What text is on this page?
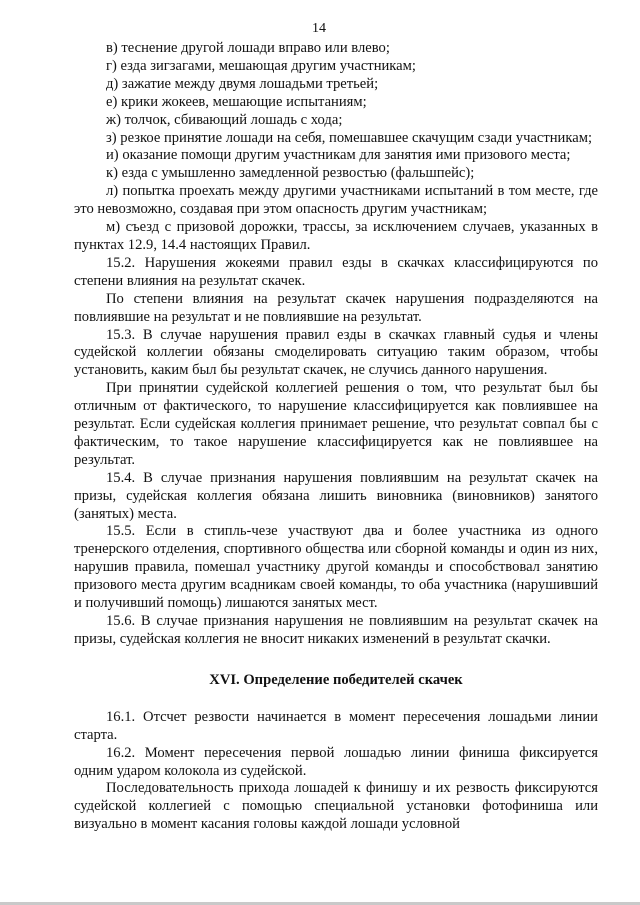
14

в) теснение другой лошади вправо или влево;

г) езда зигзагами, мешающая другим участникам;

д) зажатие между двумя лошадьми третьей;

е) крики жокеев, мешающие испытаниям;

ж) толчок, сбивающий лошадь с хода;

з) резкое принятие лошади на себя, помешавшее скачущим сзади участникам;

и) оказание помощи другим участникам для занятия ими призового места;

к) езда с умышленно замедленной резвостью (фальшпейс);

л) попытка проехать между другими участниками испытаний в том месте, где это невозможно, создавая при этом опасность другим участникам;

м) съезд с призовой дорожки, трассы, за исключением случаев, указанных в пунктах 12.9, 14.4 настоящих Правил.

15.2. Нарушения жокеями правил езды в скачках классифицируются по степени влияния на результат скачек.

По степени влияния на результат скачек нарушения подразделяются на повлиявшие на результат и не повлиявшие на результат.

15.3. В случае нарушения правил езды в скачках главный судья и члены судейской коллегии обязаны смоделировать ситуацию таким образом, чтобы установить, каким был бы результат скачек, не случись данного нарушения.

При принятии судейской коллегией решения о том, что результат был бы отличным от фактического, то нарушение классифицируется как повлиявшее на результат. Если судейская коллегия принимает решение, что результат совпал бы с фактическим, то такое нарушение классифицируется как не повлиявшее на результат.

15.4. В случае признания нарушения повлиявшим на результат скачек на призы, судейская коллегия обязана лишить виновника (виновников) занятого (занятых) места.

15.5. Если в стипль-чезе участвуют два и более участника из одного тренерского отделения, спортивного общества или сборной команды и один из них, нарушив правила, помешал участнику другой команды и способствовал занятию призового места другим всадникам своей команды, то оба участника (нарушивший и получивший помощь) лишаются занятых мест.

15.6. В случае признания нарушения не повлиявшим на результат скачек на призы, судейская коллегия не вносит никаких изменений в результат скачки.

XVI. Определение победителей скачек

16.1. Отсчет резвости начинается в момент пересечения лошадьми линии старта.

16.2. Момент пересечения первой лошадью линии финиша фиксируется одним ударом колокола из судейской.

Последовательность прихода лошадей к финишу и их резвость фиксируются судейской коллегией с помощью специальной установки фотофиниша или визуально в момент касания головы каждой лошади условной
